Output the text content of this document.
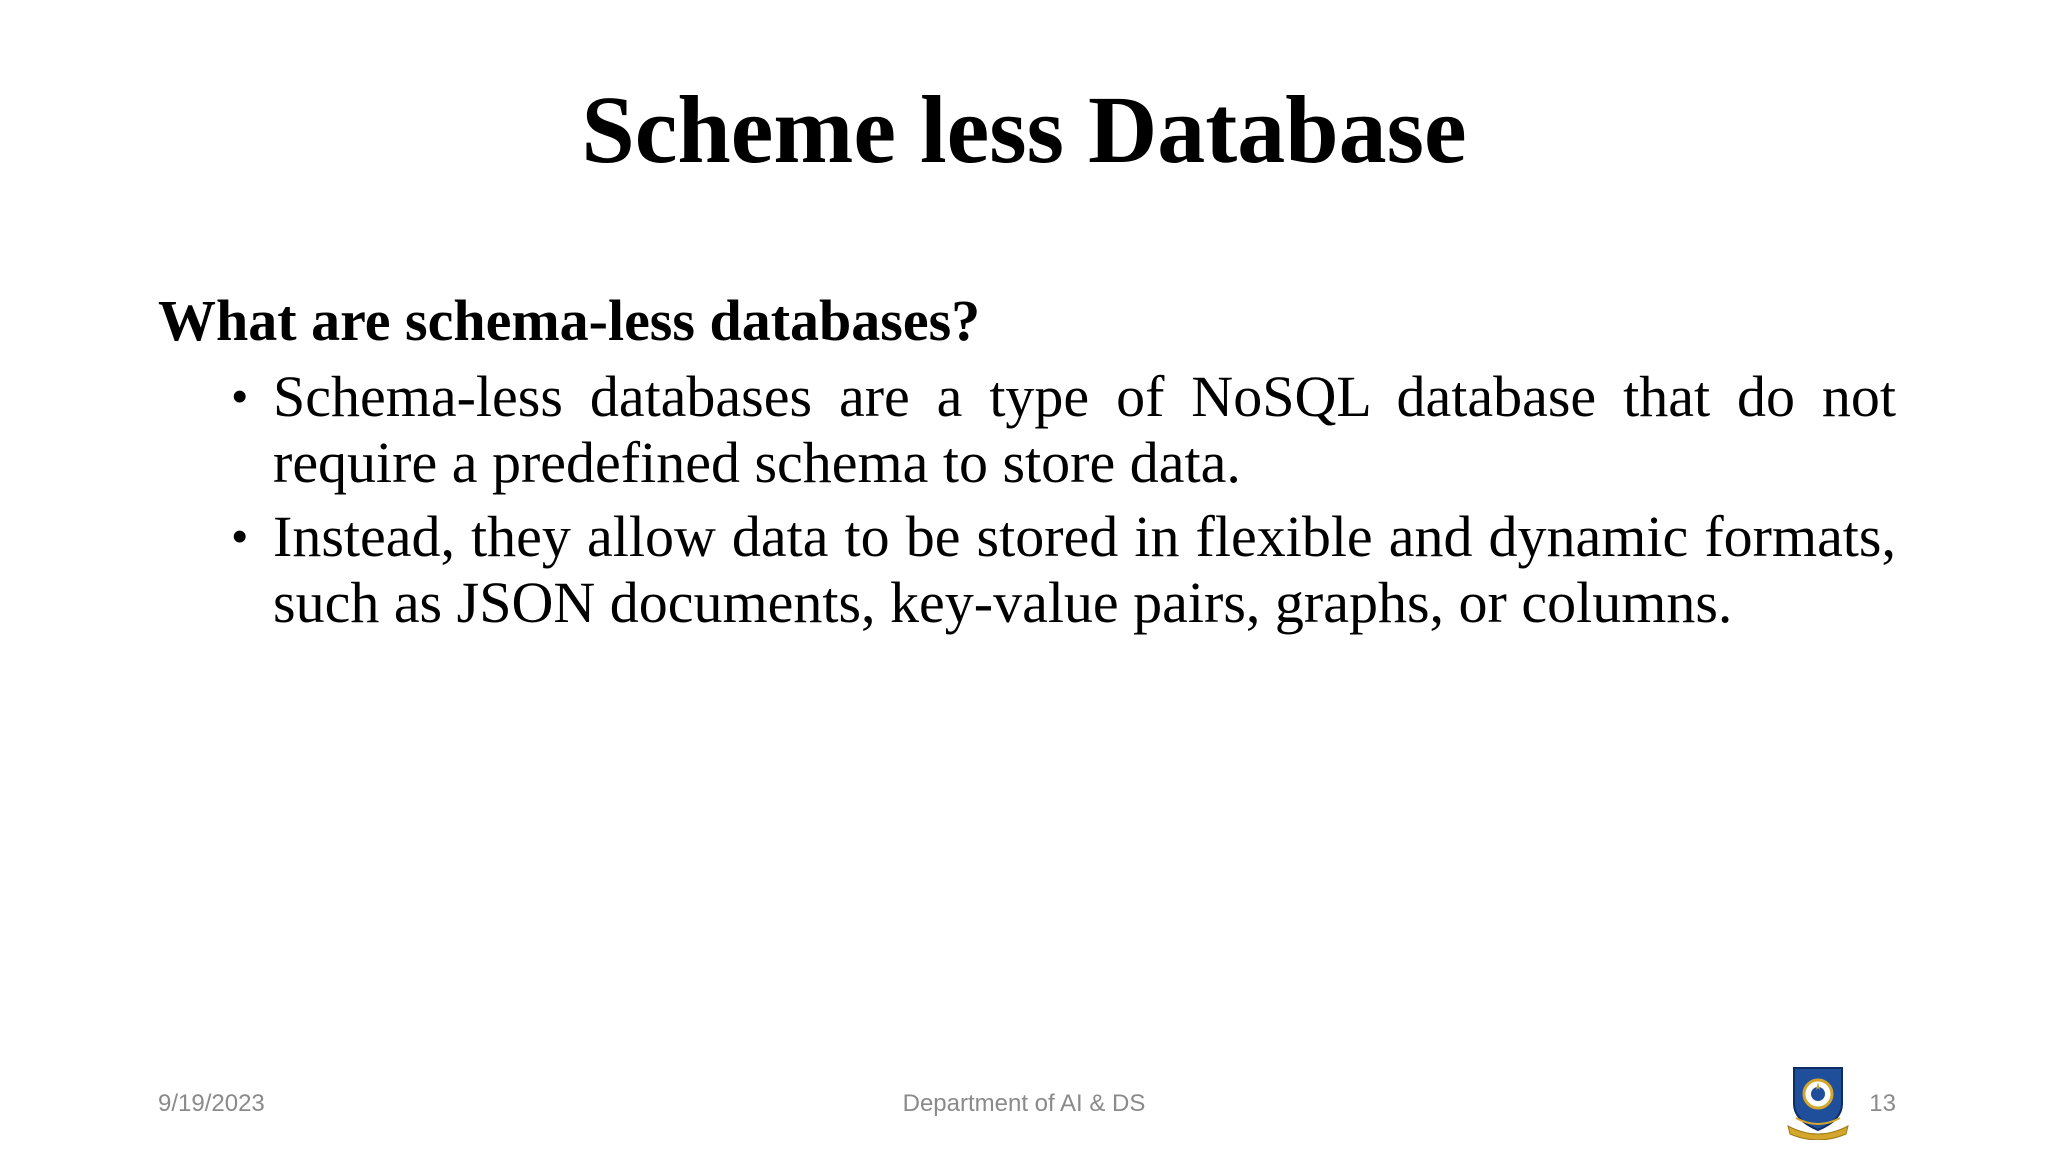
Scheme less Database

What are schema-less databases?

• Schema-less databases are a type of NoSQL database that do not require a predefined schema to store data.
• Instead, they allow data to be stored in flexible and dynamic formats, such as JSON documents, key-value pairs, graphs, or columns.
9/19/2023	Department of AI & DS	13
